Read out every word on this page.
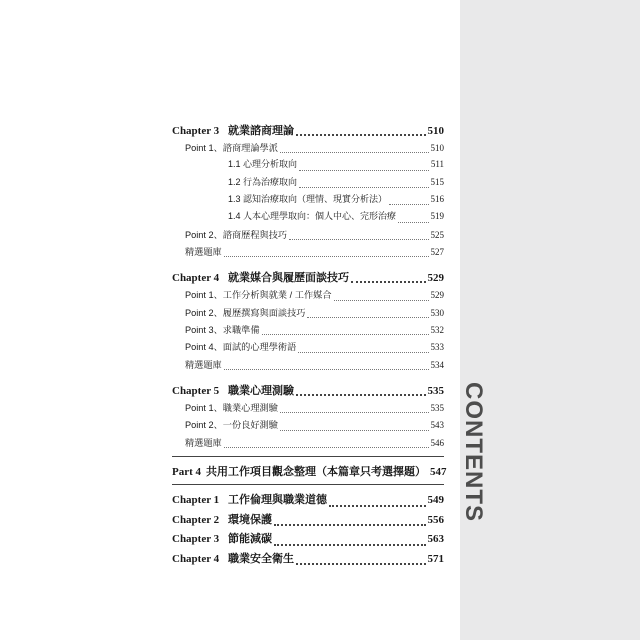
CONTENTS
Chapter 3 就業諮商理論	510
Point 1、諮商理論學派	510
1.1 心理分析取向	511
1.2 行為治療取向	515
1.3 認知治療取向（理情、現實分析法）	516
1.4 人本心理學取向：個人中心、完形治療	519
Point 2、諮商歷程與技巧	525
精選題庫	527
Chapter 4 就業媒合與履歷面談技巧	529
Point 1、工作分析與就業 / 工作媒合	529
Point 2、履歷撰寫與面談技巧	530
Point 3、求職準備	532
Point 4、面試的心理學術語	533
精選題庫	534
Chapter 5 職業心理測驗	535
Point 1、職業心理測驗	535
Point 2、一份良好測驗	543
精選題庫	546
Part 4 共用工作項目觀念整理（本篇章只考選擇題） 547
Chapter 1 工作倫理與職業道德	549
Chapter 2 環境保護	556
Chapter 3 節能減碳	563
Chapter 4 職業安全衛生	571
